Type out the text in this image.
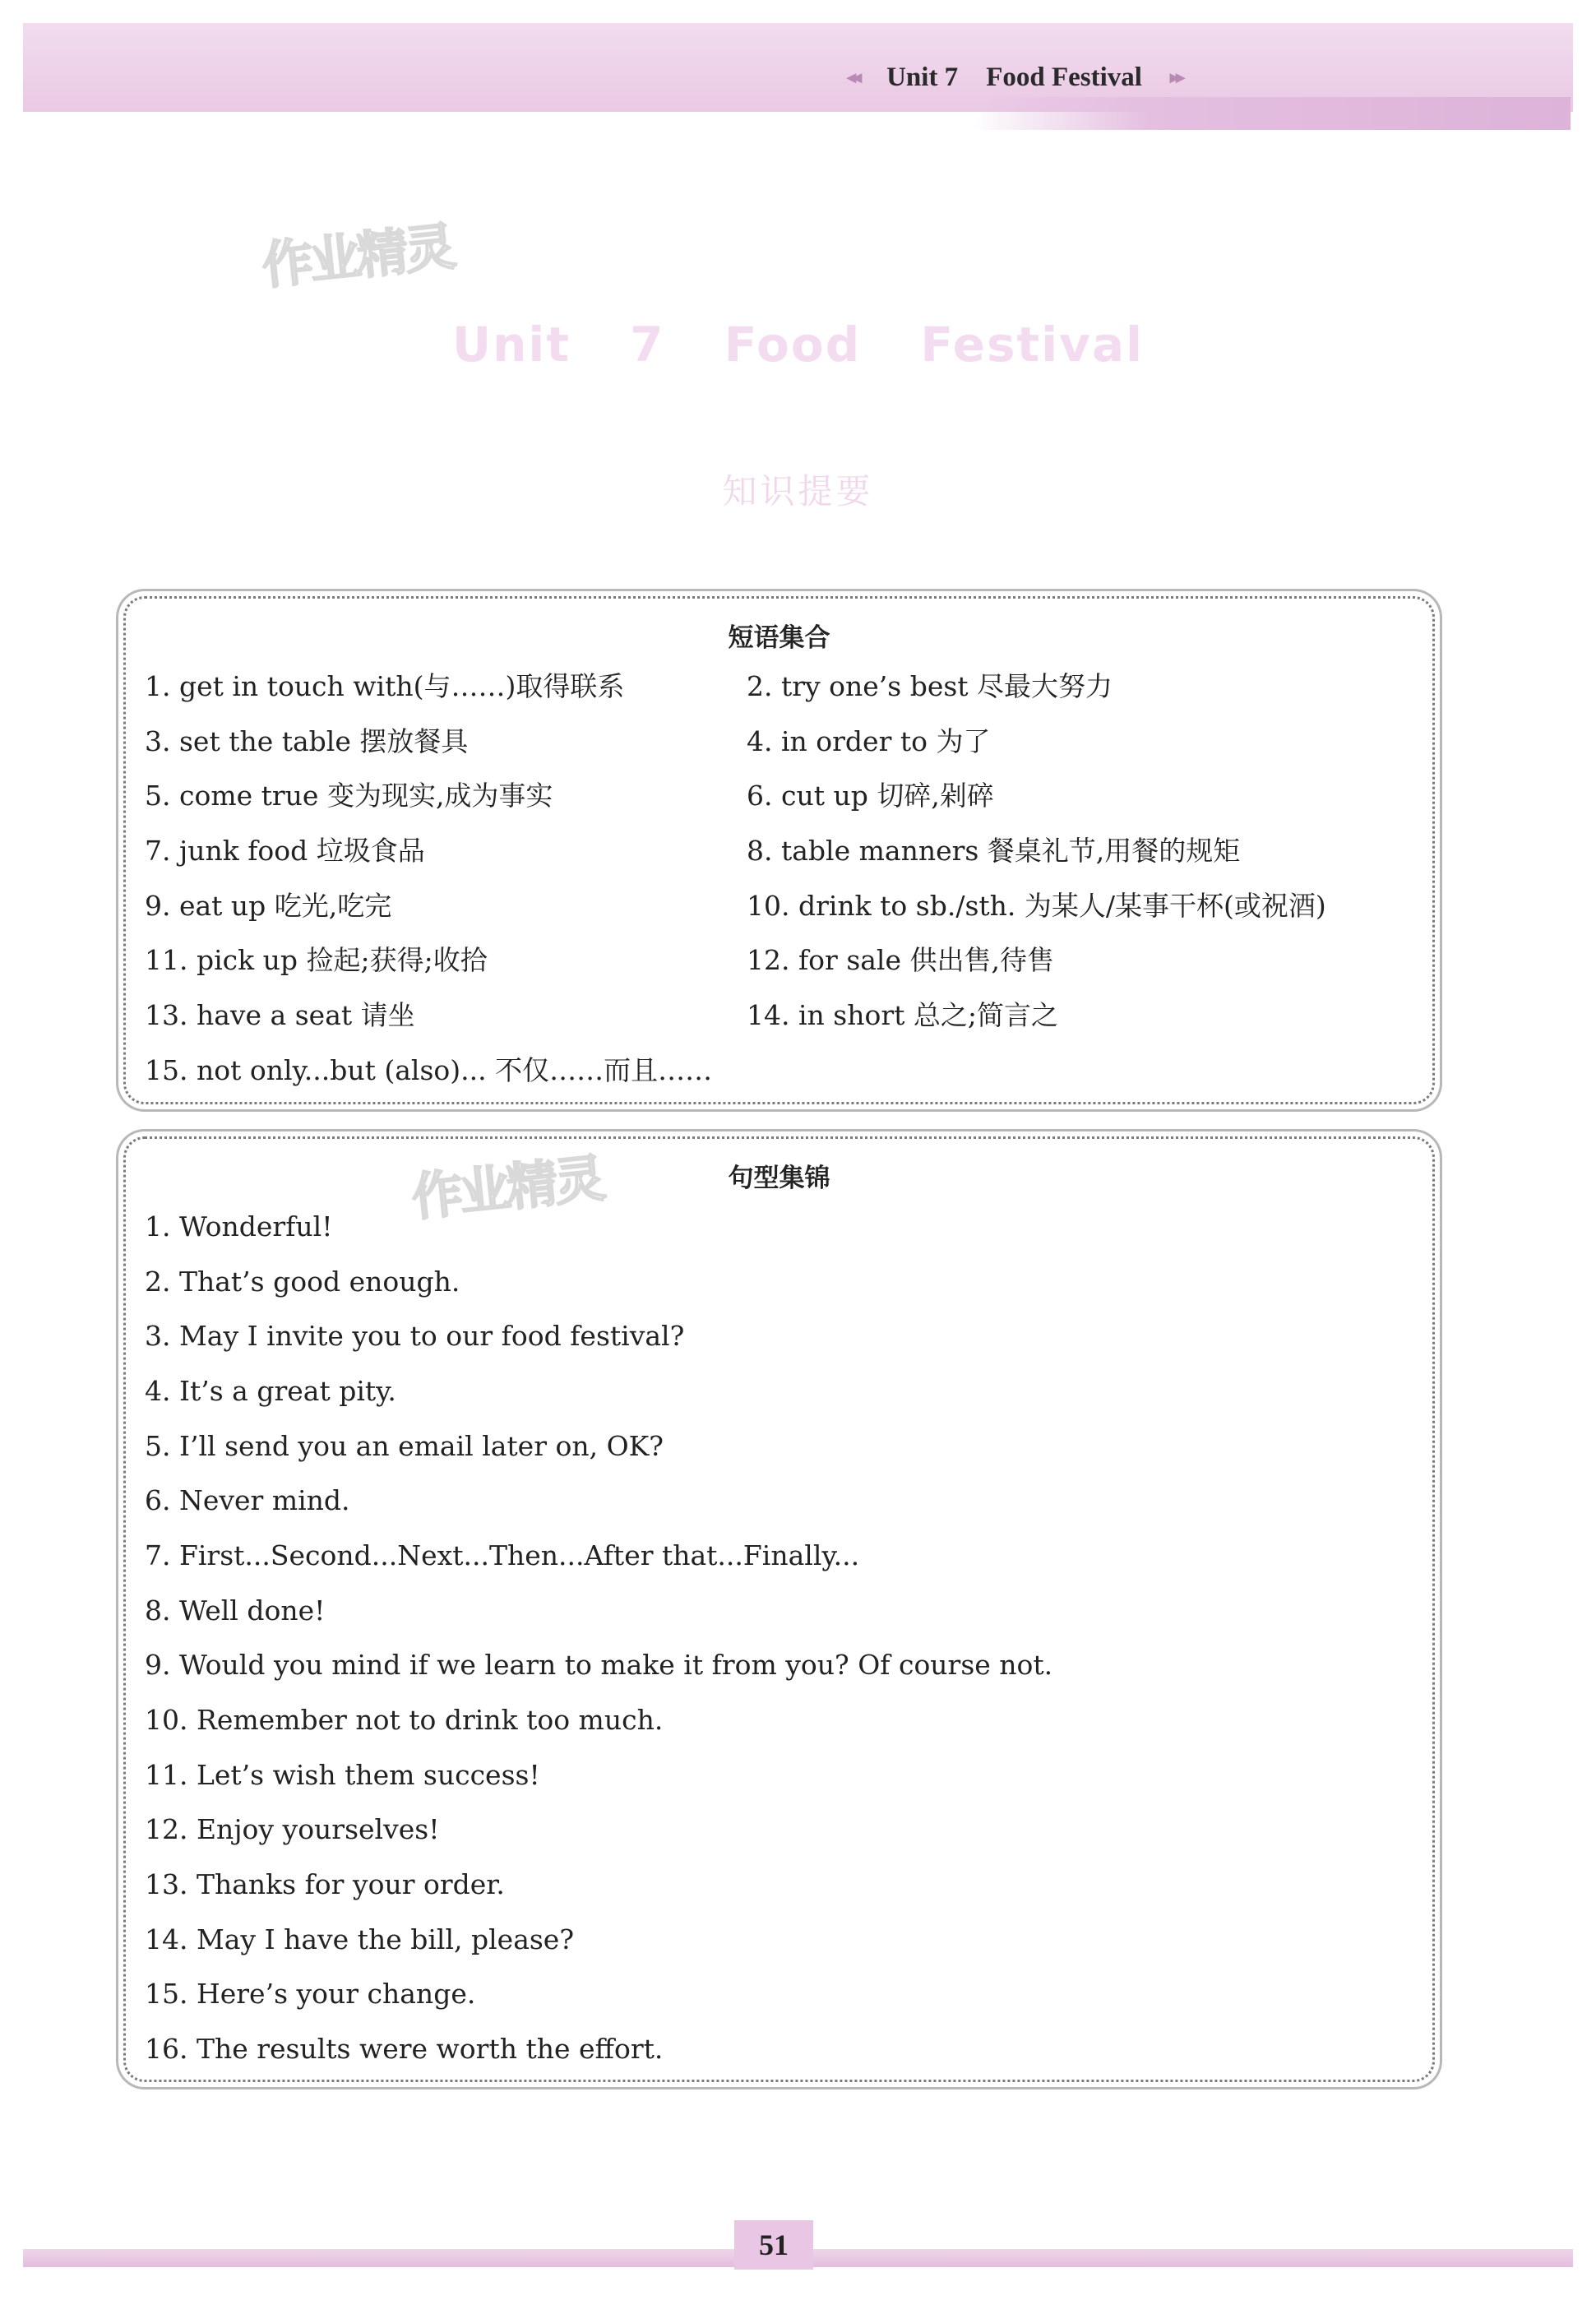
◂◂ Unit 7 Food Festival ▸▸
作业精灵
Unit 7 Food Festival
知识提要
短语集合
1. get in touch with(与……)取得联系	2. try one’s best 尽最大努力
3. set the table 摆放餐具	4. in order to 为了
5. come true 变为现实,成为事实	6. cut up 切碎,剁碎
7. junk food 垃圾食品	8. table manners 餐桌礼节,用餐的规矩
9. eat up 吃光,吃完	10. drink to sb./sth. 为某人/某事干杯(或祝酒)
11. pick up 捡起;获得;收拾	12. for sale 供出售,待售
13. have a seat 请坐	14. in short 总之;简言之
15. not only...but (also)... 不仅……而且……
句型集锦
作业精灵
1. Wonderful!
2. That’s good enough.
3. May I invite you to our food festival?
4. It’s a great pity.
5. I’ll send you an email later on, OK?
6. Never mind.
7. First...Second...Next...Then...After that...Finally...
8. Well done!
9. Would you mind if we learn to make it from you? Of course not.
10. Remember not to drink too much.
11. Let’s wish them success!
12. Enjoy yourselves!
13. Thanks for your order.
14. May I have the bill, please?
15. Here’s your change.
16. The results were worth the effort.
51
